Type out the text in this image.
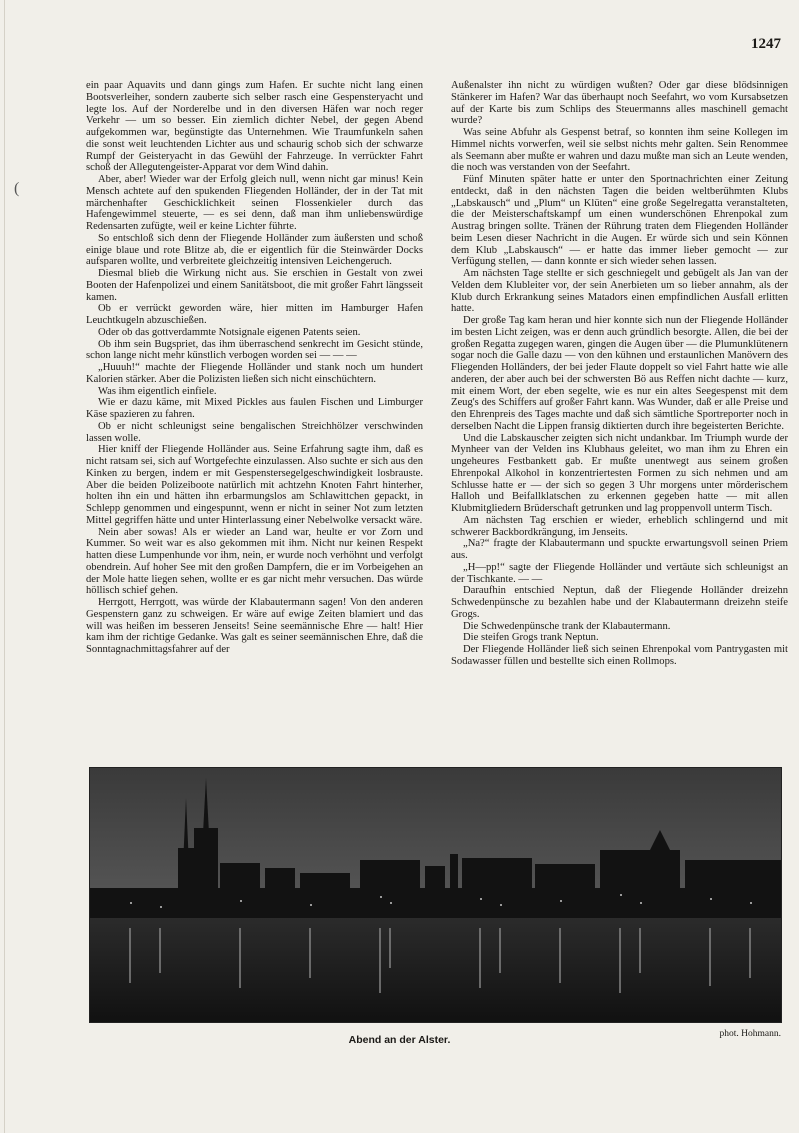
(
1247

ein paar Aquavits und dann gings zum Hafen. Er suchte nicht lang einen Bootsverleiher, sondern zauberte sich selber rasch eine Gespensteryacht und legte los. Auf der Norderelbe und in den diversen Häfen war noch reger Verkehr — um so besser. Ein ziemlich dichter Nebel, der gegen Abend aufgekommen war, begünstigte das Unternehmen. Wie Traumfunkeln sahen die sonst weit leuchtenden Lichter aus und schaurig schob sich der schwarze Rumpf der Geisteryacht in das Gewühl der Fahrzeuge. In verrückter Fahrt schoß der Allegutengeister-Apparat vor dem Wind dahin.

Aber, aber! Wieder war der Erfolg gleich null, wenn nicht gar minus! Kein Mensch achtete auf den spukenden Fliegenden Holländer, der in der Tat mit märchenhafter Geschicklichkeit seinen Flossenkieler durch das Hafengewimmel steuerte, — es sei denn, daß man ihm unliebenswürdige Redensarten zufügte, weil er keine Lichter führte.

So entschloß sich denn der Fliegende Holländer zum äußersten und schoß einige blaue und rote Blitze ab, die er eigentlich für die Steinwärder Docks aufsparen wollte, und verbreitete gleichzeitig intensiven Leichengeruch.

Diesmal blieb die Wirkung nicht aus. Sie erschien in Gestalt von zwei Booten der Hafenpolizei und einem Sanitätsboot, die mit großer Fahrt längsseit kamen.

Ob er verrückt geworden wäre, hier mitten im Hamburger Hafen Leuchtkugeln abzuschießen.

Oder ob das gottverdammte Notsignale eigenen Patents seien.

Ob ihm sein Bugspriet, das ihm überraschend senkrecht im Gesicht stünde, schon lange nicht mehr künstlich verbogen worden sei — — —

„Huuuh!“ machte der Fliegende Holländer und stank noch um hundert Kalorien stärker. Aber die Polizisten ließen sich nicht einschüchtern.

Was ihm eigentlich einfiele.

Wie er dazu käme, mit Mixed Pickles aus faulen Fischen und Limburger Käse spazieren zu fahren.

Ob er nicht schleunigst seine bengalischen Streichhölzer verschwinden lassen wolle.

Hier kniff der Fliegende Holländer aus. Seine Erfahrung sagte ihm, daß es nicht ratsam sei, sich auf Wortgefechte einzulassen. Also suchte er sich aus den Kinken zu bergen, indem er mit Gespenstersegelgeschwindigkeit losbrauste. Aber die beiden Polizeiboote natürlich mit achtzehn Knoten Fahrt hinterher, holten ihn ein und hätten ihn erbarmungslos am Schlawittchen gepackt, in Schlepp genommen und eingespunnt, wenn er nicht in seiner Not zum letzten Mittel gegriffen hätte und unter Hinterlassung einer Nebelwolke versackt wäre.

Nein aber sowas! Als er wieder an Land war, heulte er vor Zorn und Kummer. So weit war es also gekommen mit ihm. Nicht nur keinen Respekt hatten diese Lumpenhunde vor ihm, nein, er wurde noch verhöhnt und verfolgt obendrein. Auf hoher See mit den großen Dampfern, die er im Vorbeigehen an der Mole hatte liegen sehen, wollte er es gar nicht mehr versuchen. Das würde höllisch schief gehen.

Herrgott, Herrgott, was würde der Klabautermann sagen! Von den anderen Gespenstern ganz zu schweigen. Er wäre auf ewige Zeiten blamiert und das will was heißen im besseren Jenseits! Seine seemännische Ehre — halt! Hier kam ihm der richtige Gedanke. Was galt es seiner seemännischen Ehre, daß die Sonntagnachmittagsfahrer auf der

Außenalster ihn nicht zu würdigen wußten? Oder gar diese blödsinnigen Stänkerer im Hafen? War das überhaupt noch Seefahrt, wo vom Kursabsetzen auf der Karte bis zum Schlips des Steuermanns alles maschinell gemacht wurde?

Was seine Abfuhr als Gespenst betraf, so konnten ihm seine Kollegen im Himmel nichts vorwerfen, weil sie selbst nichts mehr galten. Sein Renommee als Seemann aber mußte er wahren und dazu mußte man sich an Leute wenden, die noch was verstanden von der Seefahrt.

Fünf Minuten später hatte er unter den Sportnachrichten einer Zeitung entdeckt, daß in den nächsten Tagen die beiden weltberühmten Klubs „Labskausch“ und „Plum“ un Klüten“ eine große Segelregatta veranstalteten, die der Meisterschaftskampf um einen wunderschönen Ehrenpokal zum Austrag bringen sollte. Tränen der Rührung traten dem Fliegenden Holländer beim Lesen dieser Nachricht in die Augen. Er würde sich und sein Können dem Klub „Labskausch“ — er hatte das immer lieber gemocht — zur Verfügung stellen, — dann konnte er sich wieder sehen lassen.

Am nächsten Tage stellte er sich geschniegelt und gebügelt als Jan van der Velden dem Klubleiter vor, der sein Anerbieten um so lieber annahm, als der Klub durch Erkrankung seines Matadors einen empfindlichen Ausfall erlitten hatte.

Der große Tag kam heran und hier konnte sich nun der Fliegende Holländer im besten Licht zeigen, was er denn auch gründlich besorgte. Allen, die bei der großen Regatta zugegen waren, gingen die Augen über — die Plumunklütenern sogar noch die Galle dazu — von den kühnen und erstaunlichen Manövern des Fliegenden Holländers, der bei jeder Flaute doppelt so viel Fahrt hatte wie alle anderen, der aber auch bei der schwersten Bö aus Reffen nicht dachte — kurz, mit einem Wort, der eben segelte, wie es nur ein altes Seegespenst mit dem Zeug's des Schiffers auf großer Fahrt kann. Was Wunder, daß er alle Preise und den Ehrenpreis des Tages machte und daß sich sämtliche Sportreporter noch in derselben Nacht die Lippen fransig diktierten durch ihre begeisterten Berichte.

Und die Labskauscher zeigten sich nicht undankbar. Im Triumph wurde der Mynheer van der Velden ins Klubhaus geleitet, wo man ihm zu Ehren ein ungeheures Festbankett gab. Er mußte unentwegt aus seinem großen Ehrenpokal Alkohol in konzentriertesten Formen zu sich nehmen und am Schlusse hatte er — der sich so gegen 3 Uhr morgens unter mörderischem Halloh und Beifallklatschen zu erkennen gegeben hatte — mit allen Klubmitgliedern Brüderschaft getrunken und lag proppenvoll unterm Tisch.

Am nächsten Tag erschien er wieder, erheblich schlingernd und mit schwerer Backbordkrängung, im Jenseits.

„Na?“ fragte der Klabautermann und spuckte erwartungsvoll seinen Priem aus.

„H—pp!“ sagte der Fliegende Holländer und vertäute sich schleunigst an der Tischkante. — —

Daraufhin entschied Neptun, daß der Fliegende Holländer dreizehn Schwedenpünsche zu bezahlen habe und der Klabautermann dreizehn steife Grogs.

Die Schwedenpünsche trank der Klabautermann.

Die steifen Grogs trank Neptun.

Der Fliegende Holländer ließ sich seinen Ehrenpokal vom Pantrygasten mit Sodawasser füllen und bestellte sich einen Rollmops.

phot. Hohmann.
Abend an der Alster.
